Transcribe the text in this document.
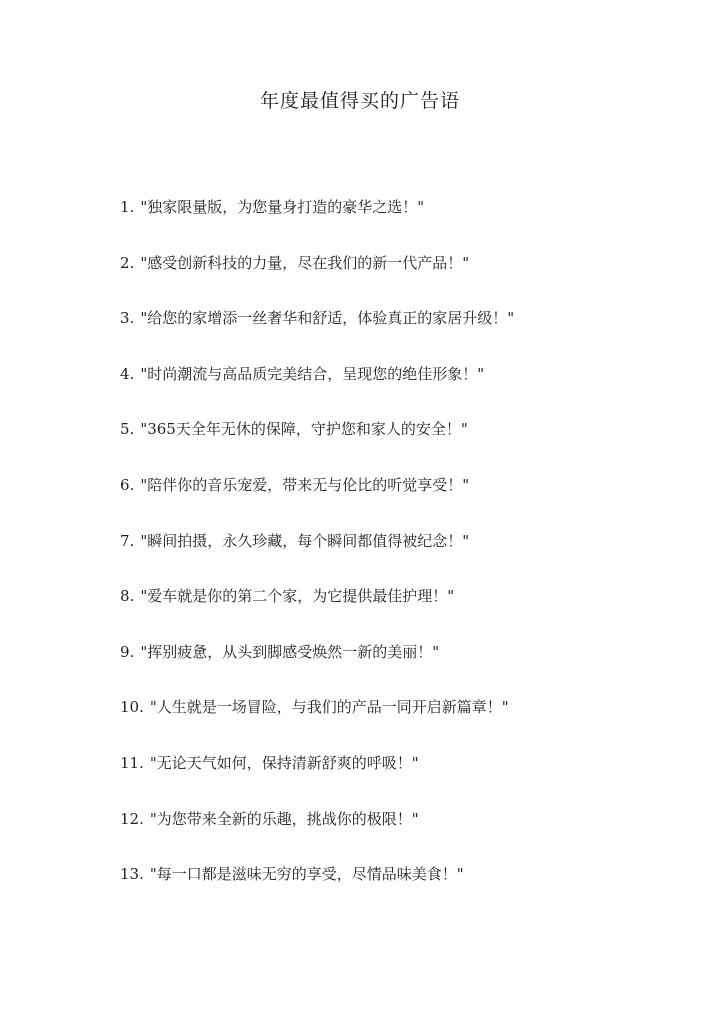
年度最值得买的广告语
1. "独家限量版，为您量身打造的豪华之选！"
2. "感受创新科技的力量，尽在我们的新一代产品！"
3. "给您的家增添一丝奢华和舒适，体验真正的家居升级！"
4. "时尚潮流与高品质完美结合，呈现您的绝佳形象！"
5. "365天全年无休的保障，守护您和家人的安全！"
6. "陪伴你的音乐宠爱，带来无与伦比的听觉享受！"
7. "瞬间拍摄，永久珍藏，每个瞬间都值得被纪念！"
8. "爱车就是你的第二个家，为它提供最佳护理！"
9. "挥别疲惫，从头到脚感受焕然一新的美丽！"
10. "人生就是一场冒险，与我们的产品一同开启新篇章！"
11. "无论天气如何，保持清新舒爽的呼吸！"
12. "为您带来全新的乐趣，挑战你的极限！"
13. "每一口都是滋味无穷的享受，尽情品味美食！"
